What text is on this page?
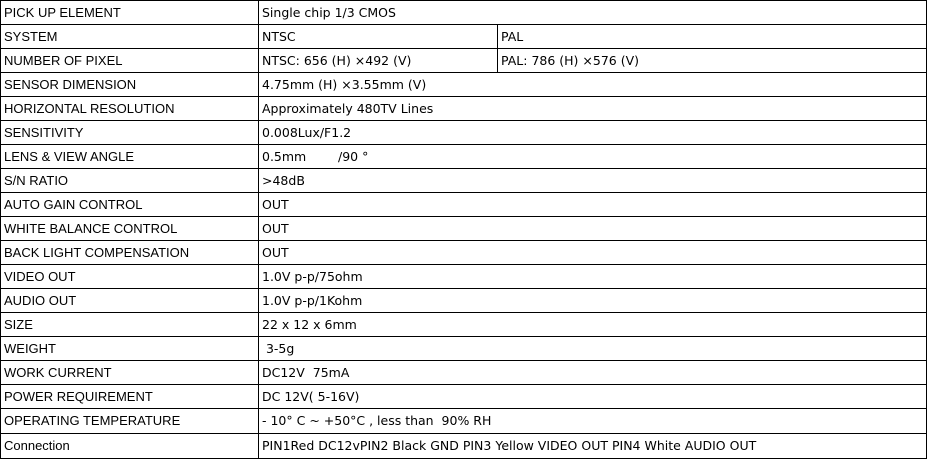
PICK UP ELEMENT	Single chip 1/3 CMOS	
SYSTEM	NTSC	PAL
NUMBER OF PIXEL	NTSC: 656 (H) ×492 (V)	PAL: 786 (H) ×576 (V)
SENSOR DIMENSION	4.75mm (H) ×3.55mm (V)	
HORIZONTAL RESOLUTION	Approximately 480TV Lines	
SENSITIVITY	0.008Lux/F1.2	
LENS & VIEW ANGLE	0.5mm        /90 °	
S/N RATIO	>48dB	
AUTO GAIN CONTROL	OUT	
WHITE BALANCE CONTROL	OUT	
BACK LIGHT COMPENSATION	OUT	
VIDEO OUT	1.0V p-p/75ohm	
AUDIO OUT	1.0V p-p/1Kohm	
SIZE	22 x 12 x 6mm	
WEIGHT	3-5g	
WORK CURRENT	DC12V  75mA	
POWER REQUIREMENT	DC 12V( 5-16V)	
OPERATING TEMPERATURE	- 10° C ~ +50°C , less than  90% RH	
Connection	PIN1Red DC12vPIN2 Black GND PIN3 Yellow VIDEO OUT PIN4 White AUDIO OUT	
